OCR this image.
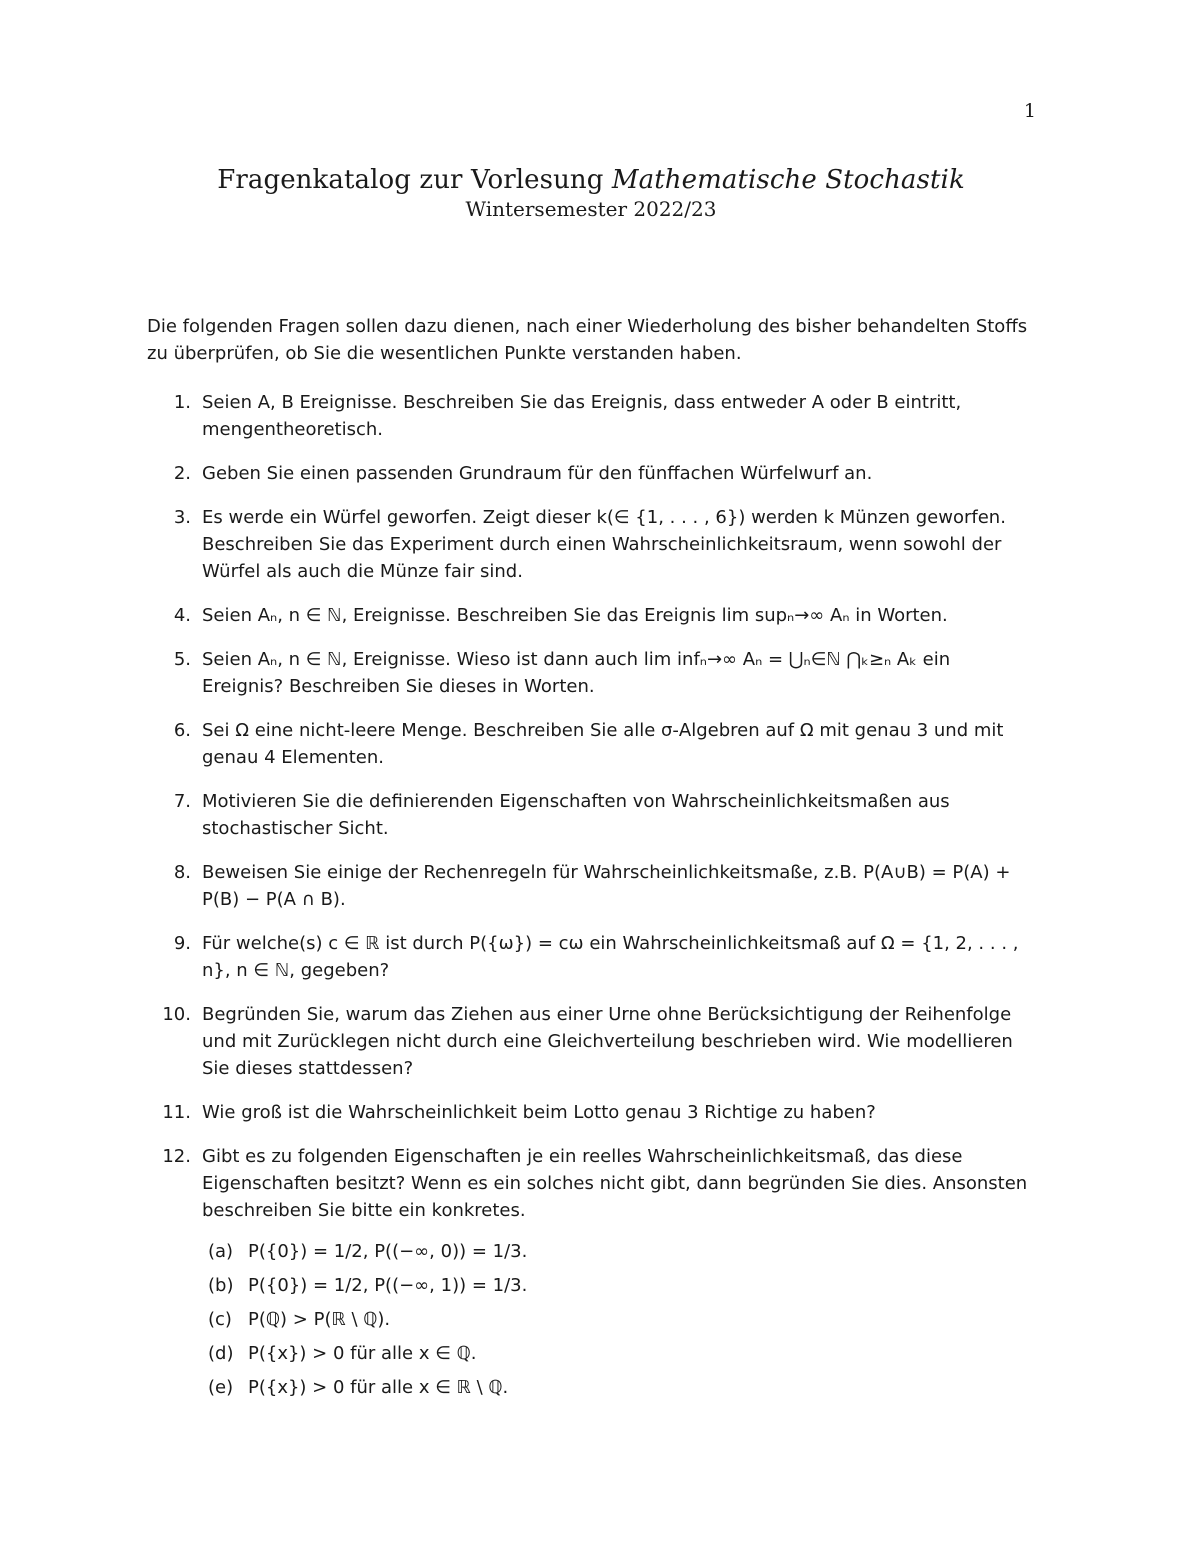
1
Fragenkatalog zur Vorlesung Mathematische Stochastik
Wintersemester 2022/23

Die folgenden Fragen sollen dazu dienen, nach einer Wiederholung des bisher behandelten Stoffs zu überprüfen, ob Sie die wesentlichen Punkte verstanden haben.

1. Seien A, B Ereignisse. Beschreiben Sie das Ereignis, dass entweder A oder B eintritt, mengentheoretisch.
2. Geben Sie einen passenden Grundraum für den fünffachen Würfelwurf an.
3. Es werde ein Würfel geworfen. Zeigt dieser k(∈ {1, . . . , 6}) werden k Münzen geworfen. Beschreiben Sie das Experiment durch einen Wahrscheinlichkeitsraum, wenn sowohl der Würfel als auch die Münze fair sind.
4. Seien Aₙ, n ∈ ℕ, Ereignisse. Beschreiben Sie das Ereignis lim supₙ→∞ Aₙ in Worten.
5. Seien Aₙ, n ∈ ℕ, Ereignisse. Wieso ist dann auch lim infₙ→∞ Aₙ = ⋃ₙ∈ℕ ⋂ₖ≥ₙ Aₖ ein Ereignis? Beschreiben Sie dieses in Worten.
6. Sei Ω eine nicht-leere Menge. Beschreiben Sie alle σ-Algebren auf Ω mit genau 3 und mit genau 4 Elementen.
7. Motivieren Sie die definierenden Eigenschaften von Wahrscheinlichkeitsmaßen aus stochastischer Sicht.
8. Beweisen Sie einige der Rechenregeln für Wahrscheinlichkeitsmaße, z.B. P(A∪B) = P(A) + P(B) − P(A ∩ B).
9. Für welche(s) c ∈ ℝ ist durch P({ω}) = cω ein Wahrscheinlichkeitsmaß auf Ω = {1, 2, . . . , n}, n ∈ ℕ, gegeben?
10. Begründen Sie, warum das Ziehen aus einer Urne ohne Berücksichtigung der Reihenfolge und mit Zurücklegen nicht durch eine Gleichverteilung beschrieben wird. Wie modellieren Sie dieses stattdessen?
11. Wie groß ist die Wahrscheinlichkeit beim Lotto genau 3 Richtige zu haben?
12. Gibt es zu folgenden Eigenschaften je ein reelles Wahrscheinlichkeitsmaß, das diese Eigenschaften besitzt? Wenn es ein solches nicht gibt, dann begründen Sie dies. Ansonsten beschreiben Sie bitte ein konkretes.
(a) P({0}) = 1/2, P((−∞, 0)) = 1/3.
(b) P({0}) = 1/2, P((−∞, 1)) = 1/3.
(c) P(ℚ) > P(ℝ \ ℚ).
(d) P({x}) > 0 für alle x ∈ ℚ.
(e) P({x}) > 0 für alle x ∈ ℝ \ ℚ.
